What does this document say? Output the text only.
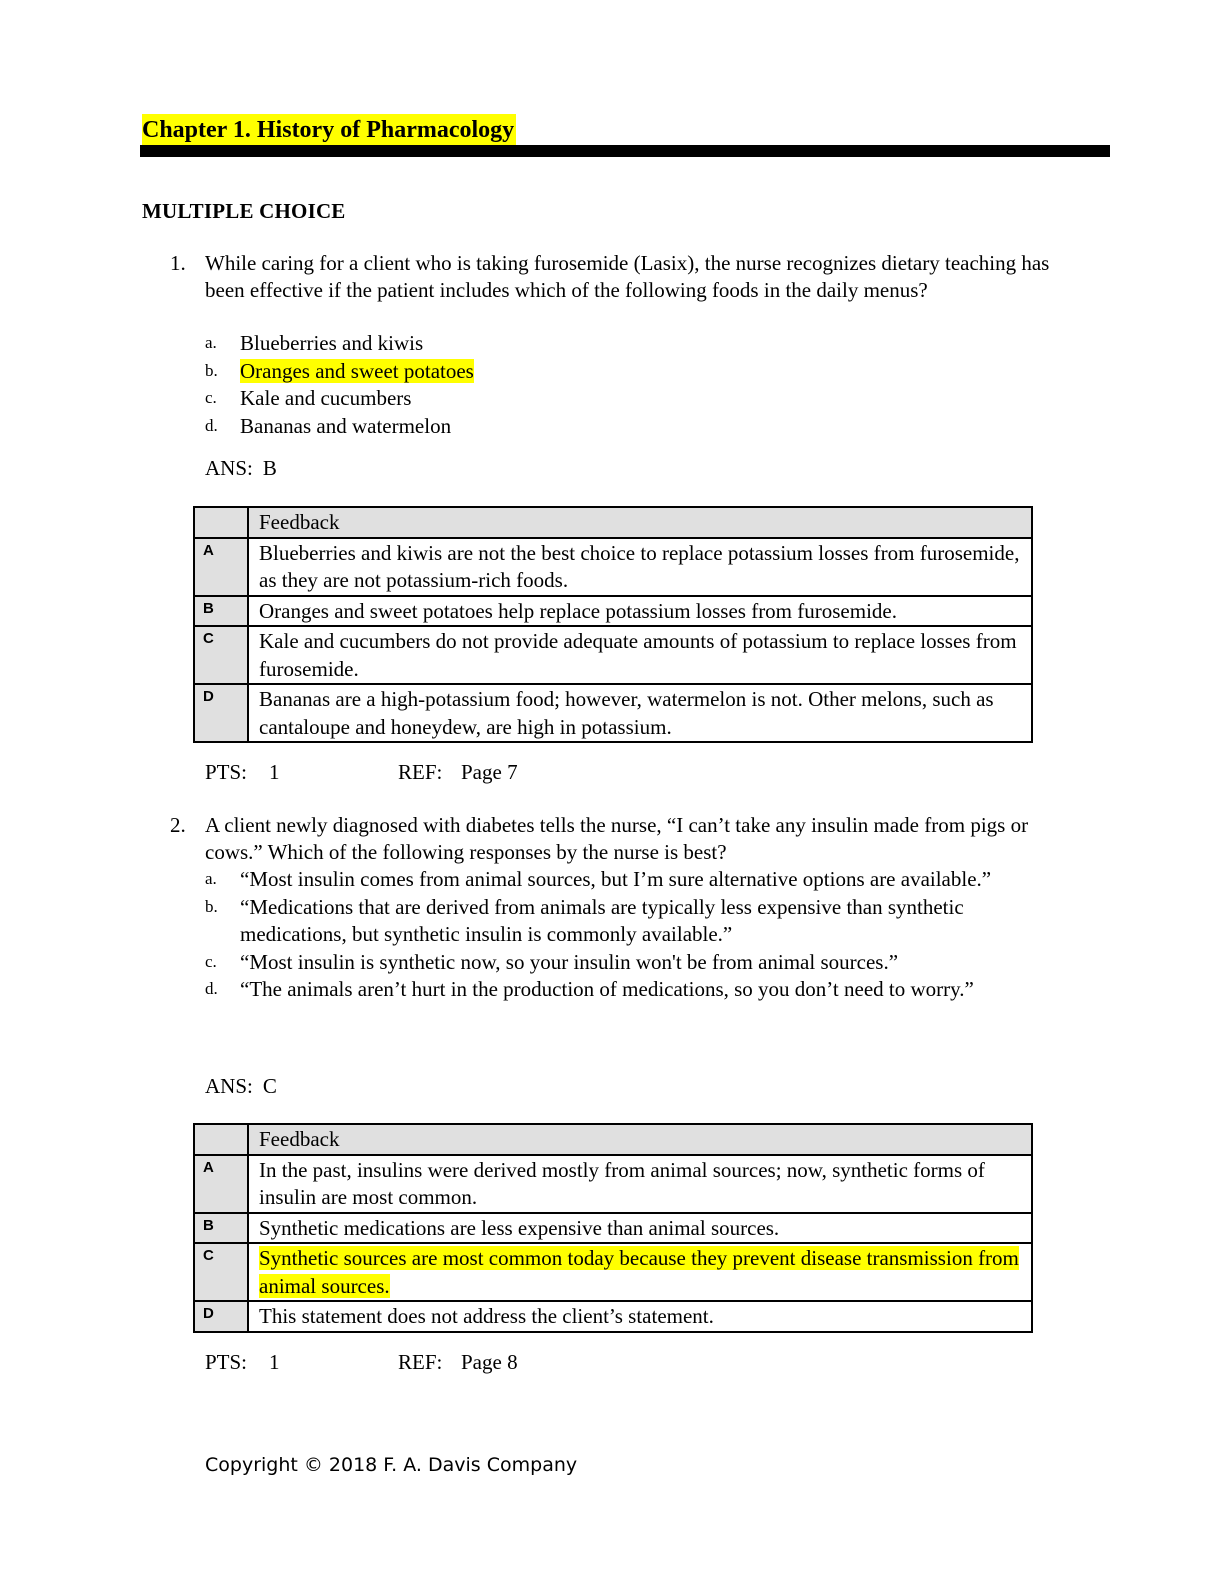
Chapter 1. History of Pharmacology
MULTIPLE CHOICE
1. While caring for a client who is taking furosemide (Lasix), the nurse recognizes dietary teaching has been effective if the patient includes which of the following foods in the daily menus?
a. Blueberries and kiwis
b. Oranges and sweet potatoes
c. Kale and cucumbers
d. Bananas and watermelon
ANS: B
	Feedback
A	Blueberries and kiwis are not the best choice to replace potassium losses from furosemide, as they are not potassium-rich foods.
B	Oranges and sweet potatoes help replace potassium losses from furosemide.
C	Kale and cucumbers do not provide adequate amounts of potassium to replace losses from furosemide.
D	Bananas are a high-potassium food; however, watermelon is not. Other melons, such as cantaloupe and honeydew, are high in potassium.
PTS: 1	REF: Page 7
2. A client newly diagnosed with diabetes tells the nurse, “I can’t take any insulin made from pigs or cows.” Which of the following responses by the nurse is best?
a. “Most insulin comes from animal sources, but I’m sure alternative options are available.”
b. “Medications that are derived from animals are typically less expensive than synthetic medications, but synthetic insulin is commonly available.”
c. “Most insulin is synthetic now, so your insulin won't be from animal sources.”
d. “The animals aren’t hurt in the production of medications, so you don’t need to worry.”
ANS: C
	Feedback
A	In the past, insulins were derived mostly from animal sources; now, synthetic forms of insulin are most common.
B	Synthetic medications are less expensive than animal sources.
C	Synthetic sources are most common today because they prevent disease transmission from animal sources.
D	This statement does not address the client’s statement.
PTS: 1	REF: Page 8
Copyright © 2018 F. A. Davis Company
